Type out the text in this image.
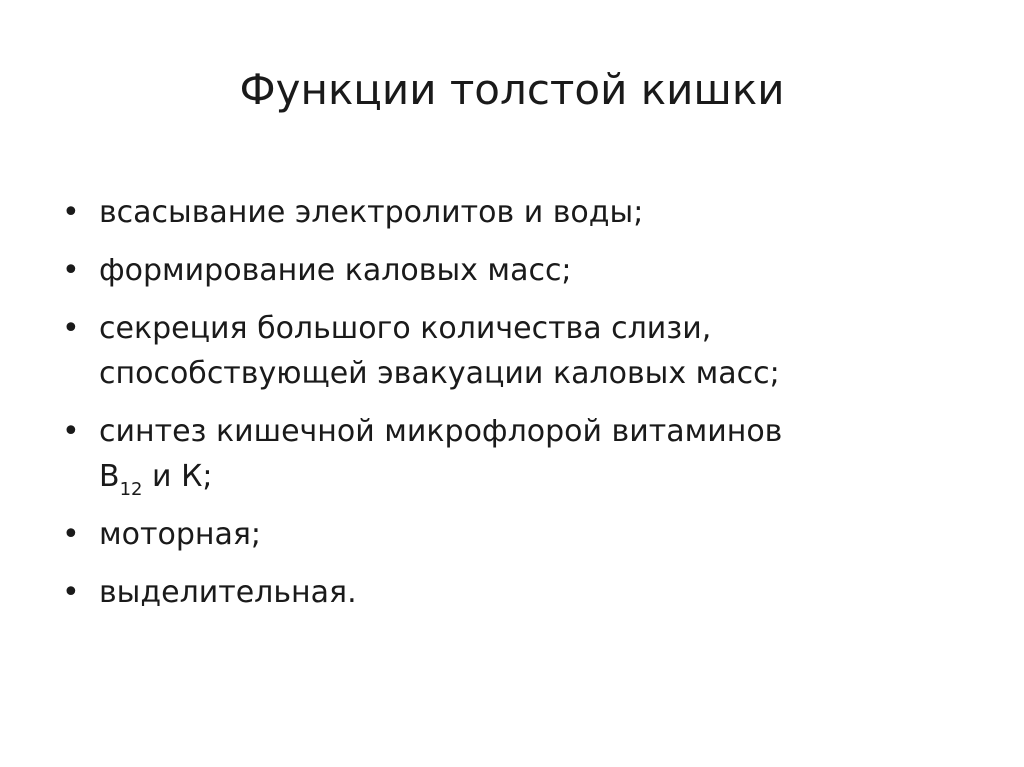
Функции толстой кишки
• всасывание электролитов и воды;
• формирование каловых масс;
• секреция большого количества слизи,
способствующей эвакуации каловых масс;
• синтез кишечной микрофлорой витаминов
$B_{12}$ и К;
• моторная;
• выделительная.
